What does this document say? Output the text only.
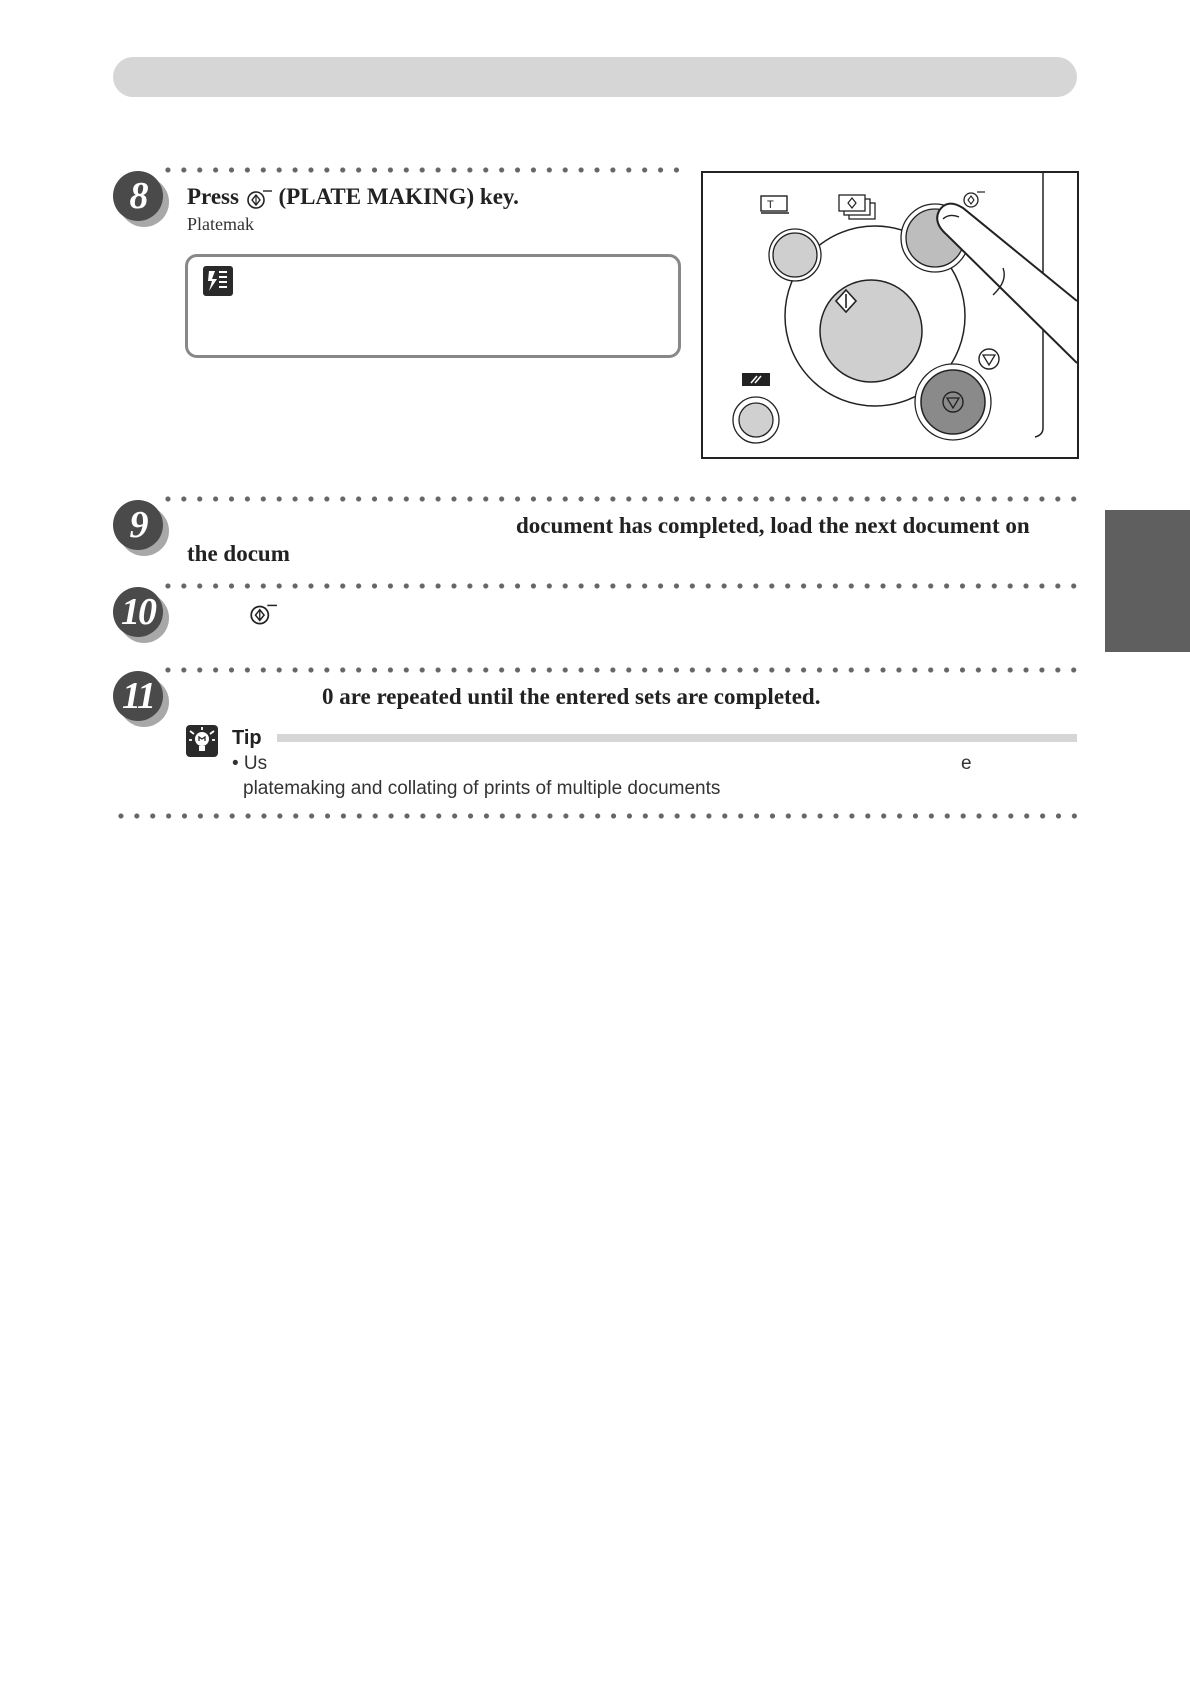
8	Press  (PLATE MAKING) key.
Platemak
T
9	document has completed, load the next document on
the docum
10
11	0 are repeated until the entered sets are completed.
Tip
• Us	e
platemaking and collating of prints of multiple documents
